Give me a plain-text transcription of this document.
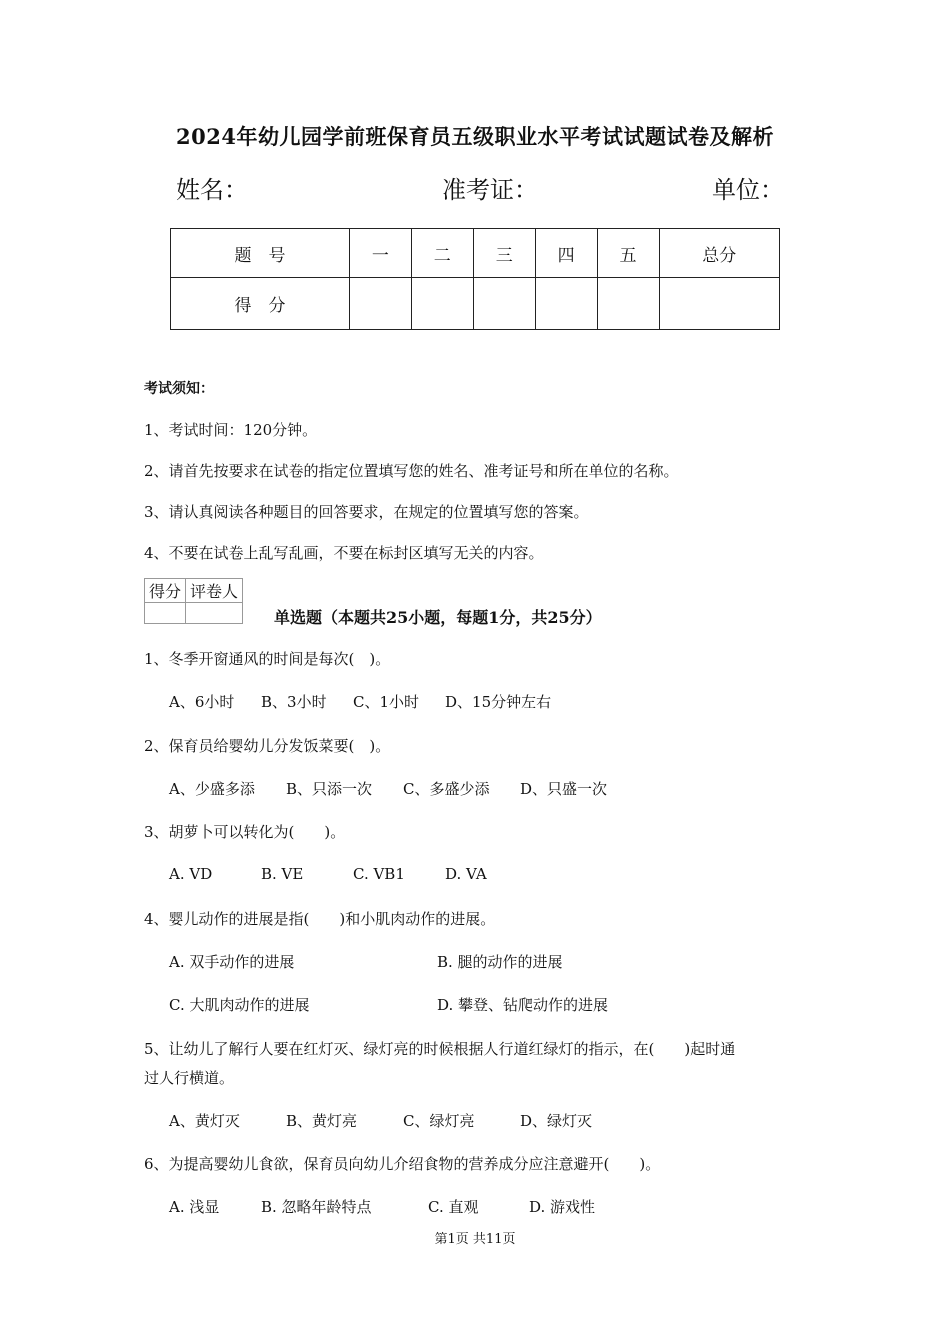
2024年幼儿园学前班保育员五级职业水平考试试题试卷及解析
姓名：	准考证：	单位：
题　号	一	二	三	四	五	总分
得　分						
考试须知：
1、考试时间：120分钟。
2、请首先按要求在试卷的指定位置填写您的姓名、准考证号和所在单位的名称。
3、请认真阅读各种题目的回答要求，在规定的位置填写您的答案。
4、不要在试卷上乱写乱画，不要在标封区填写无关的内容。
得分	评卷人

单选题（本题共25小题，每题1分，共25分）
1、冬季开窗通风的时间是每次(　)。
A、6小时 B、3小时 C、1小时 D、15分钟左右
2、保育员给婴幼儿分发饭菜要(　)。
A、少盛多添 B、只添一次 C、多盛少添 D、只盛一次
3、胡萝卜可以转化为(　　)。
A. VD	B. VE	C. VB1	D. VA
4、婴儿动作的进展是指(　　)和小肌肉动作的进展。
A. 双手动作的进展	B. 腿的动作的进展
C. 大肌肉动作的进展	D. 攀登、钻爬动作的进展
5、让幼儿了解行人要在红灯灭、绿灯亮的时候根据人行道红绿灯的指示，在(　　)起时通
过人行横道。
A、黄灯灭	B、黄灯亮	C、绿灯亮	D、绿灯灭
6、为提高婴幼儿食欲，保育员向幼儿介绍食物的营养成分应注意避开(　　)。
A. 浅显	B. 忽略年龄特点	C. 直观	D. 游戏性
第1页 共11页
